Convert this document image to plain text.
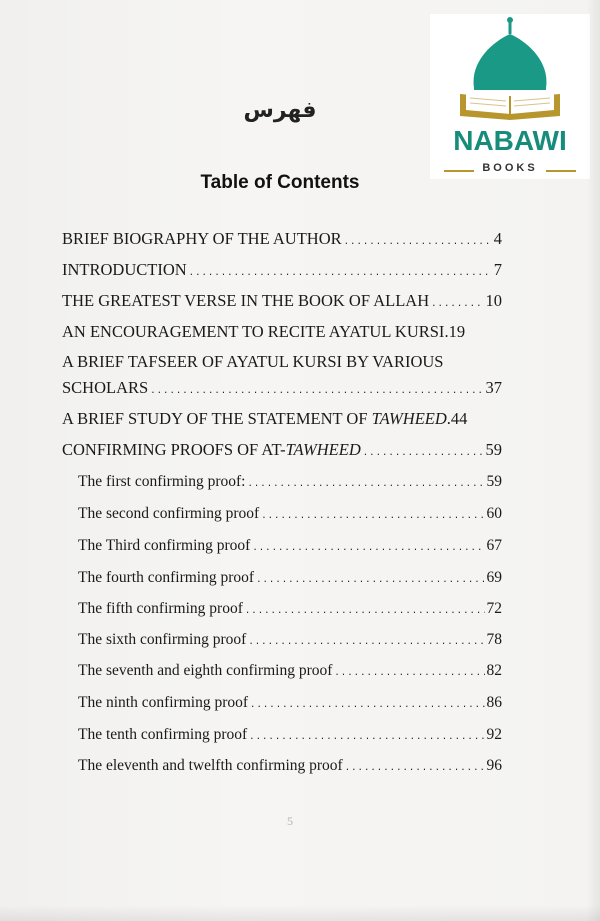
NABAWI
BOOKS
فهرس
Table of Contents
BRIEF BIOGRAPHY OF THE AUTHOR .....	4
INTRODUCTION .....	7
THE GREATEST VERSE IN THE BOOK OF ALLAH .....	10
AN ENCOURAGEMENT TO RECITE AYATUL KURSI . 19
A BRIEF TAFSEER OF AYATUL KURSI BY VARIOUS
SCHOLARS .....	37
A BRIEF STUDY OF THE STATEMENT OF TAWHEED . 44
CONFIRMING PROOFS OF AT-TAWHEED .....	59
The first confirming proof: .....	59
The second confirming proof .....	60
The Third confirming proof .....	67
The fourth confirming proof .....	69
The fifth confirming proof .....	72
The sixth confirming proof .....	78
The seventh and eighth confirming proof .....	82
The ninth confirming proof .....	86
The tenth confirming proof .....	92
The eleventh and twelfth confirming proof .....	96
5
